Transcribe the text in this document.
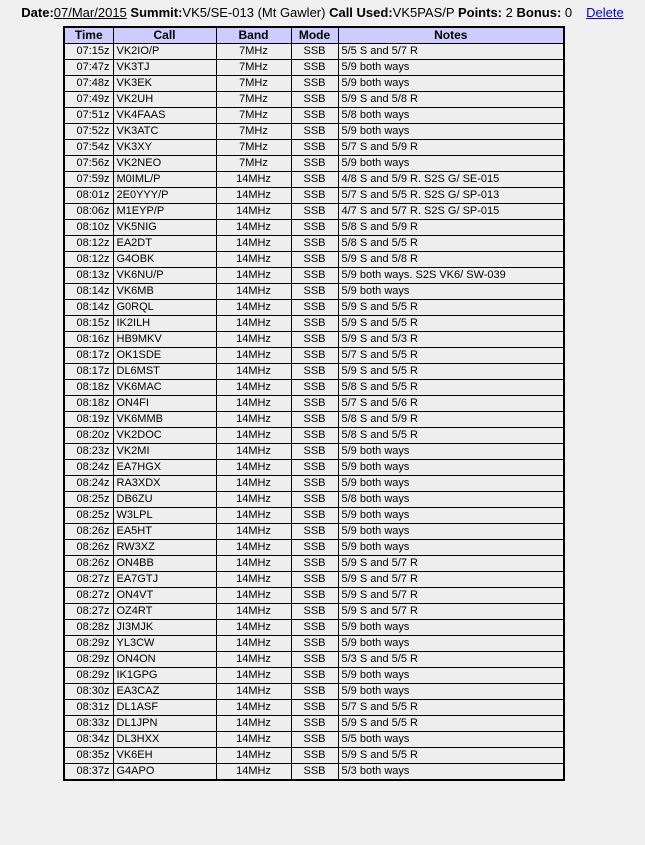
Date:07/Mar/2015 Summit:VK5/SE-013 (Mt Gawler) Call Used:VK5PAS/P Points: 2 Bonus: 0 Delete
Time	Call	Band	Mode	Notes
07:15z	VK2IO/P	7MHz	SSB	5/5 S and 5/7 R
07:47z	VK3TJ	7MHz	SSB	5/9 both ways
07:48z	VK3EK	7MHz	SSB	5/9 both ways
07:49z	VK2UH	7MHz	SSB	5/9 S and 5/8 R
07:51z	VK4FAAS	7MHz	SSB	5/8 both ways
07:52z	VK3ATC	7MHz	SSB	5/9 both ways
07:54z	VK3XY	7MHz	SSB	5/7 S and 5/9 R
07:56z	VK2NEO	7MHz	SSB	5/9 both ways
07:59z	M0IML/P	14MHz	SSB	4/8 S and 5/9 R. S2S G/ SE-015
08:01z	2E0YYY/P	14MHz	SSB	5/7 S and 5/5 R. S2S G/ SP-013
08:06z	M1EYP/P	14MHz	SSB	4/7 S and 5/7 R. S2S G/ SP-015
08:10z	VK5NIG	14MHz	SSB	5/8 S and 5/9 R
08:12z	EA2DT	14MHz	SSB	5/8 S and 5/5 R
08:12z	G4OBK	14MHz	SSB	5/9 S and 5/8 R
08:13z	VK6NU/P	14MHz	SSB	5/9 both ways. S2S VK6/ SW-039
08:14z	VK6MB	14MHz	SSB	5/9 both ways
08:14z	G0RQL	14MHz	SSB	5/9 S and 5/5 R
08:15z	IK2ILH	14MHz	SSB	5/9 S and 5/5 R
08:16z	HB9MKV	14MHz	SSB	5/9 S and 5/3 R
08:17z	OK1SDE	14MHz	SSB	5/7 S and 5/5 R
08:17z	DL6MST	14MHz	SSB	5/9 S and 5/5 R
08:18z	VK6MAC	14MHz	SSB	5/8 S and 5/5 R
08:18z	ON4FI	14MHz	SSB	5/7 S and 5/6 R
08:19z	VK6MMB	14MHz	SSB	5/8 S and 5/9 R
08:20z	VK2DOC	14MHz	SSB	5/8 S and 5/5 R
08:23z	VK2MI	14MHz	SSB	5/9 both ways
08:24z	EA7HGX	14MHz	SSB	5/9 both ways
08:24z	RA3XDX	14MHz	SSB	5/9 both ways
08:25z	DB6ZU	14MHz	SSB	5/8 both ways
08:25z	W3LPL	14MHz	SSB	5/9 both ways
08:26z	EA5HT	14MHz	SSB	5/9 both ways
08:26z	RW3XZ	14MHz	SSB	5/9 both ways
08:26z	ON4BB	14MHz	SSB	5/9 S and 5/7 R
08:27z	EA7GTJ	14MHz	SSB	5/9 S and 5/7 R
08:27z	ON4VT	14MHz	SSB	5/9 S and 5/7 R
08:27z	OZ4RT	14MHz	SSB	5/9 S and 5/7 R
08:28z	JI3MJK	14MHz	SSB	5/9 both ways
08:29z	YL3CW	14MHz	SSB	5/9 both ways
08:29z	ON4ON	14MHz	SSB	5/3 S and 5/5 R
08:29z	IK1GPG	14MHz	SSB	5/9 both ways
08:30z	EA3CAZ	14MHz	SSB	5/9 both ways
08:31z	DL1ASF	14MHz	SSB	5/7 S and 5/5 R
08:33z	DL1JPN	14MHz	SSB	5/9 S and 5/5 R
08:34z	DL3HXX	14MHz	SSB	5/5 both ways
08:35z	VK6EH	14MHz	SSB	5/9 S and 5/5 R
08:37z	G4APO	14MHz	SSB	5/3 both ways
